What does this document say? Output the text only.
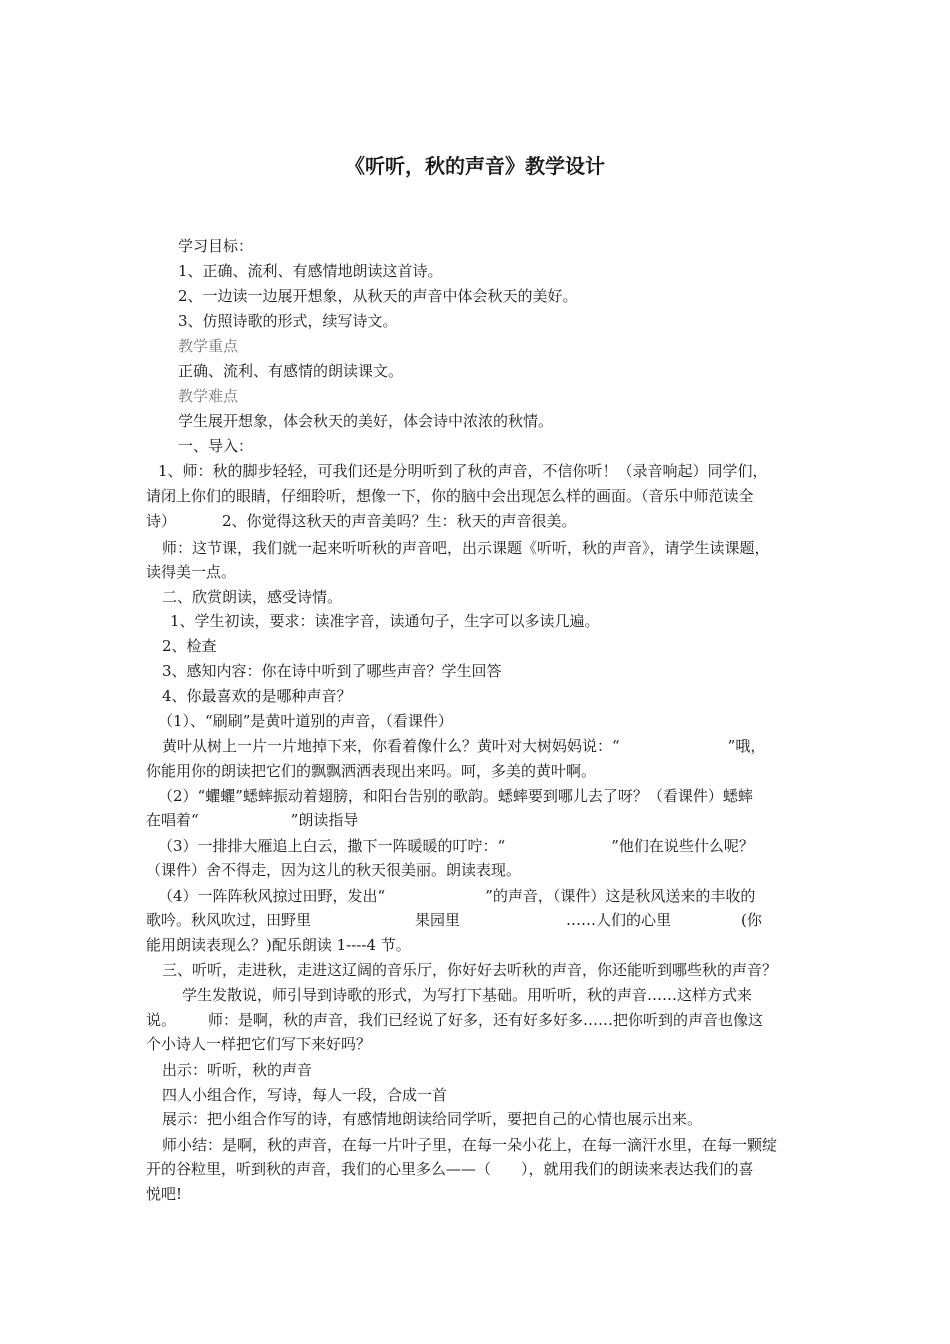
《听听，秋的声音》教学设计
学习目标：
1、正确、流利、有感情地朗读这首诗。
2、一边读一边展开想象，从秋天的声音中体会秋天的美好。
3、仿照诗歌的形式，续写诗文。
教学重点
正确、流利、有感情的朗读课文。
教学难点
学生展开想象，体会秋天的美好，体会诗中浓浓的秋情。
一、导入：
1、师：秋的脚步轻轻，可我们还是分明听到了秋的声音，不信你听！（录音响起）同学们，
请闭上你们的眼睛，仔细聆听，想像一下，你的脑中会出现怎么样的画面。（音乐中师范读全
诗）	2、你觉得这秋天的声音美吗？生：秋天的声音很美。
师：这节课，我们就一起来听听秋的声音吧，出示课题《听听，秋的声音》，请学生读课题，
读得美一点。
二、欣赏朗读，感受诗情。
1、学生初读，要求：读准字音，读通句子，生字可以多读几遍。
2、检查
3、感知内容：你在诗中听到了哪些声音？学生回答
4、你最喜欢的是哪种声音？
（1）、“刷刷”是黄叶道别的声音，（看课件）
黄叶从树上一片一片地掉下来，你看着像什么？黄叶对大树妈妈说：“	”哦，
你能用你的朗读把它们的飘飘洒洒表现出来吗。呵，多美的黄叶啊。
（2）“蠷蠷”蟋蟀振动着翅膀，和阳台告别的歌韵。蟋蟀要到哪儿去了呀？（看课件）蟋蟀
在唱着“	”朗读指导
（3）一排排大雁追上白云，撒下一阵暖暖的叮咛：“	”他们在说些什么呢？
（课件）舍不得走，因为这儿的秋天很美丽。朗读表现。
（4）一阵阵秋风掠过田野，发出“	”的声音，（课件）这是秋风送来的丰收的
歌吟。秋风吹过，田野里	果园里	……人们的心里	(你
能用朗读表现么？)配乐朗读 1----4 节。
三、听听，走进秋，走进这辽阔的音乐厅，你好好去听秋的声音，你还能听到哪些秋的声音？
学生发散说，师引导到诗歌的形式，为写打下基础。用听听，秋的声音……这样方式来
说。 师：是啊，秋的声音，我们已经说了好多，还有好多好多……把你听到的声音也像这
个小诗人一样把它们写下来好吗？
出示：听听，秋的声音
四人小组合作，写诗，每人一段，合成一首
展示：把小组合作写的诗，有感情地朗读给同学听，要把自己的心情也展示出来。
师小结：是啊，秋的声音，在每一片叶子里，在每一朵小花上，在每一滴汗水里，在每一颗绽
开的谷粒里，听到秋的声音，我们的心里多么——（　　），就用我们的朗读来表达我们的喜
悦吧!
